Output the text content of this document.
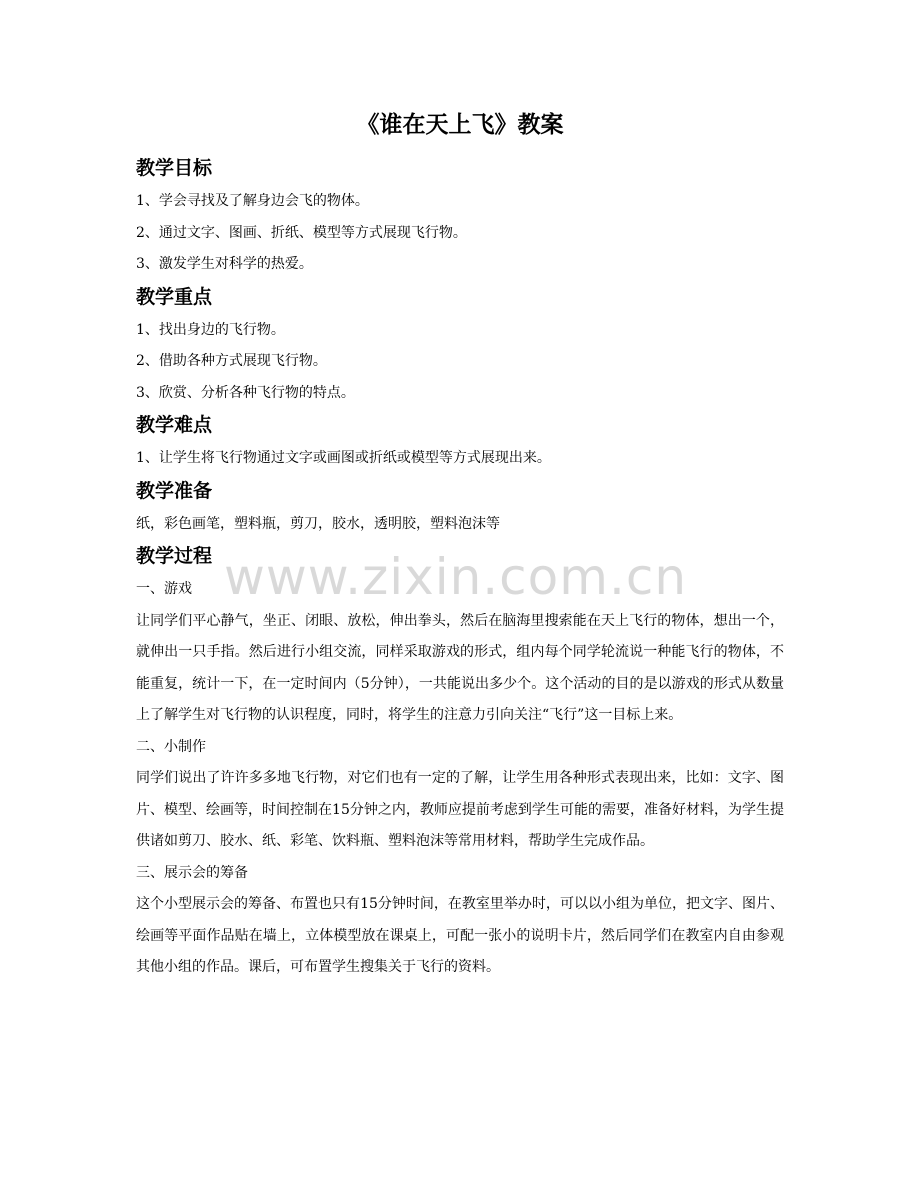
www.zixin.com.cn
《谁在天上飞》教案
教学目标

1、学会寻找及了解身边会飞的物体。

2、通过文字、图画、折纸、模型等方式展现飞行物。

3、激发学生对科学的热爱。

教学重点

1、找出身边的飞行物。

2、借助各种方式展现飞行物。

3、欣赏、分析各种飞行物的特点。

教学难点

1、让学生将飞行物通过文字或画图或折纸或模型等方式展现出来。

教学准备

纸，彩色画笔，塑料瓶，剪刀，胶水，透明胶，塑料泡沫等

教学过程

一、游戏

让同学们平心静气，坐正、闭眼、放松，伸出拳头，然后在脑海里搜索能在天上飞行的物体，想出一个，就伸出一只手指。然后进行小组交流，同样采取游戏的形式，组内每个同学轮流说一种能飞行的物体，不能重复，统计一下，在一定时间内（5分钟），一共能说出多少个。这个活动的目的是以游戏的形式从数量上了解学生对飞行物的认识程度，同时，将学生的注意力引向关注“飞行”这一目标上来。

二、小制作

同学们说出了许许多多地飞行物，对它们也有一定的了解，让学生用各种形式表现出来，比如：文字、图片、模型、绘画等，时间控制在15分钟之内，教师应提前考虑到学生可能的需要，准备好材料，为学生提供诸如剪刀、胶水、纸、彩笔、饮料瓶、塑料泡沫等常用材料，帮助学生完成作品。

三、展示会的筹备

这个小型展示会的筹备、布置也只有15分钟时间，在教室里举办时，可以以小组为单位，把文字、图片、绘画等平面作品贴在墙上，立体模型放在课桌上，可配一张小的说明卡片，然后同学们在教室内自由参观其他小组的作品。课后，可布置学生搜集关于飞行的资料。
